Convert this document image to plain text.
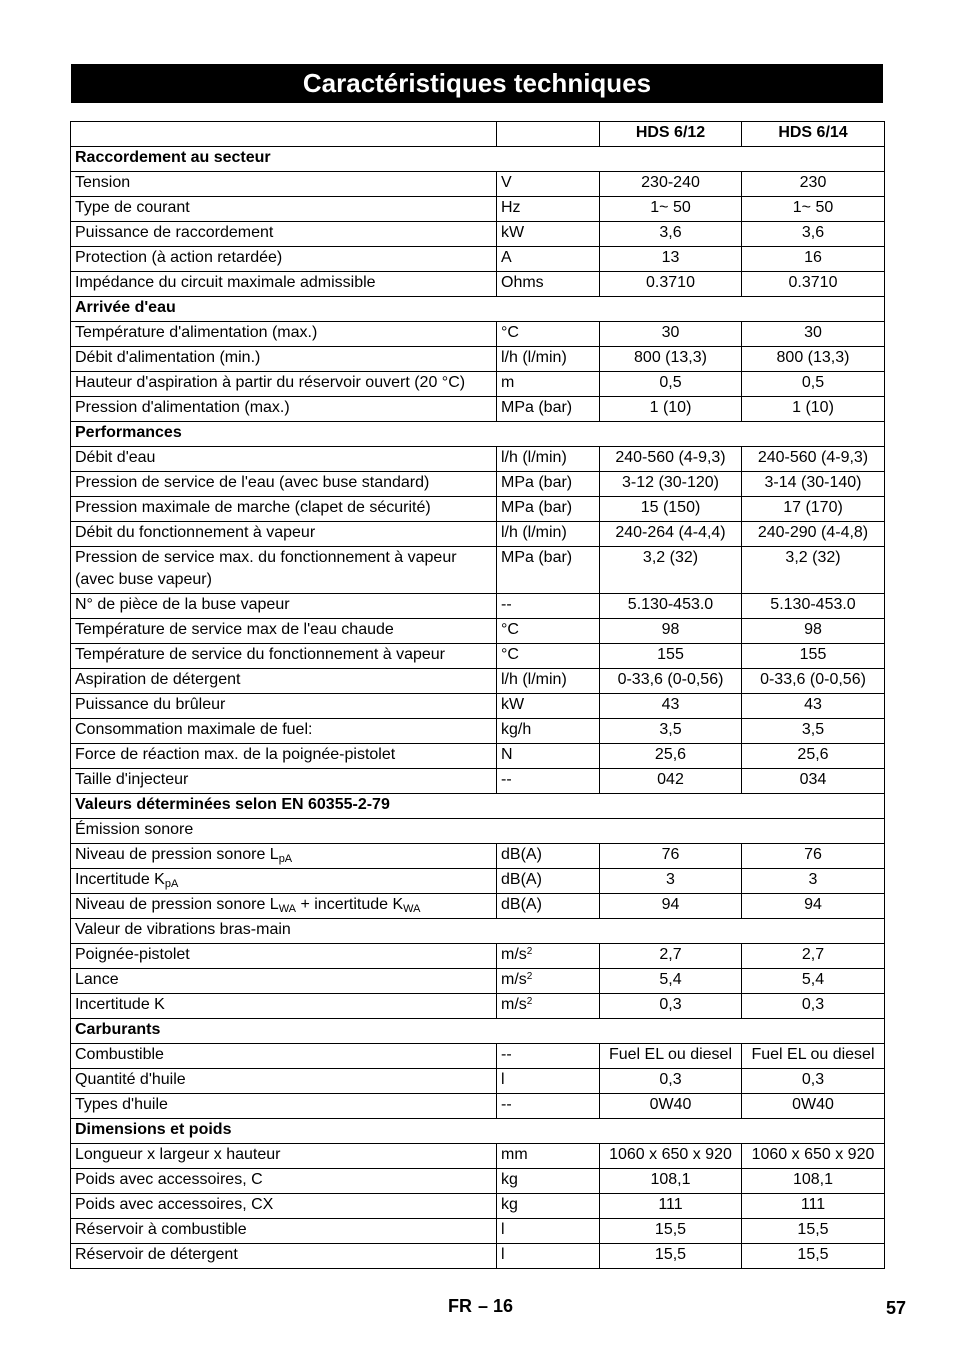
Caractéristiques techniques
		HDS 6/12	HDS 6/14
Raccordement au secteur			
Tension	V	230-240	230
Type de courant	Hz	1~ 50	1~ 50
Puissance de raccordement	kW	3,6	3,6
Protection (à action retardée)	A	13	16
Impédance du circuit maximale admissible	Ohms	0.3710	0.3710
Arrivée d'eau			
Température d'alimentation (max.)	°C	30	30
Débit d'alimentation (min.)	l/h (l/min)	800 (13,3)	800 (13,3)
Hauteur d'aspiration à partir du réservoir ouvert (20 °C)	m	0,5	0,5
Pression d'alimentation (max.)	MPa (bar)	1 (10)	1 (10)
Performances			
Débit d'eau	l/h (l/min)	240-560 (4-9,3)	240-560 (4-9,3)
Pression de service de l'eau (avec buse standard)	MPa (bar)	3-12 (30-120)	3-14 (30-140)
Pression maximale de marche (clapet de sécurité)	MPa (bar)	15 (150)	17 (170)
Débit du fonctionnement à vapeur	l/h (l/min)	240-264 (4-4,4)	240-290 (4-4,8)
Pression de service max. du fonctionnement à vapeur (avec buse vapeur)	MPa (bar)	3,2 (32)	3,2 (32)
N° de pièce de la buse vapeur	--	5.130-453.0	5.130-453.0
Température de service max de l'eau chaude	°C	98	98
Température de service du fonctionnement à vapeur	°C	155	155
Aspiration de détergent	l/h (l/min)	0-33,6 (0-0,56)	0-33,6 (0-0,56)
Puissance du brûleur	kW	43	43
Consommation maximale de fuel:	kg/h	3,5	3,5
Force de réaction max. de la poignée-pistolet	N	25,6	25,6
Taille d'injecteur	--	042	034
Valeurs déterminées selon EN 60355-2-79			
Émission sonore			
Niveau de pression sonore $L_{pA}$	dB(A)	76	76
Incertitude $K_{pA}$	dB(A)	3	3
Niveau de pression sonore $L_{WA}$ + incertitude $K_{WA}$	dB(A)	94	94
Valeur de vibrations bras-main			
Poignée-pistolet	$m/s^2$	2,7	2,7
Lance	$m/s^2$	5,4	5,4
Incertitude K	$m/s^2$	0,3	0,3
Carburants			
Combustible	--	Fuel EL ou diesel	Fuel EL ou diesel
Quantité d'huile	l	0,3	0,3
Types d'huile	--	0W40	0W40
Dimensions et poids			
Longueur x largeur x hauteur	mm	1060 x 650 x 920	1060 x 650 x 920
Poids avec accessoires, C	kg	108,1	108,1
Poids avec accessoires, CX	kg	111	111
Réservoir à combustible	l	15,5	15,5
Réservoir de détergent	l	15,5	15,5
FR – 16	57
